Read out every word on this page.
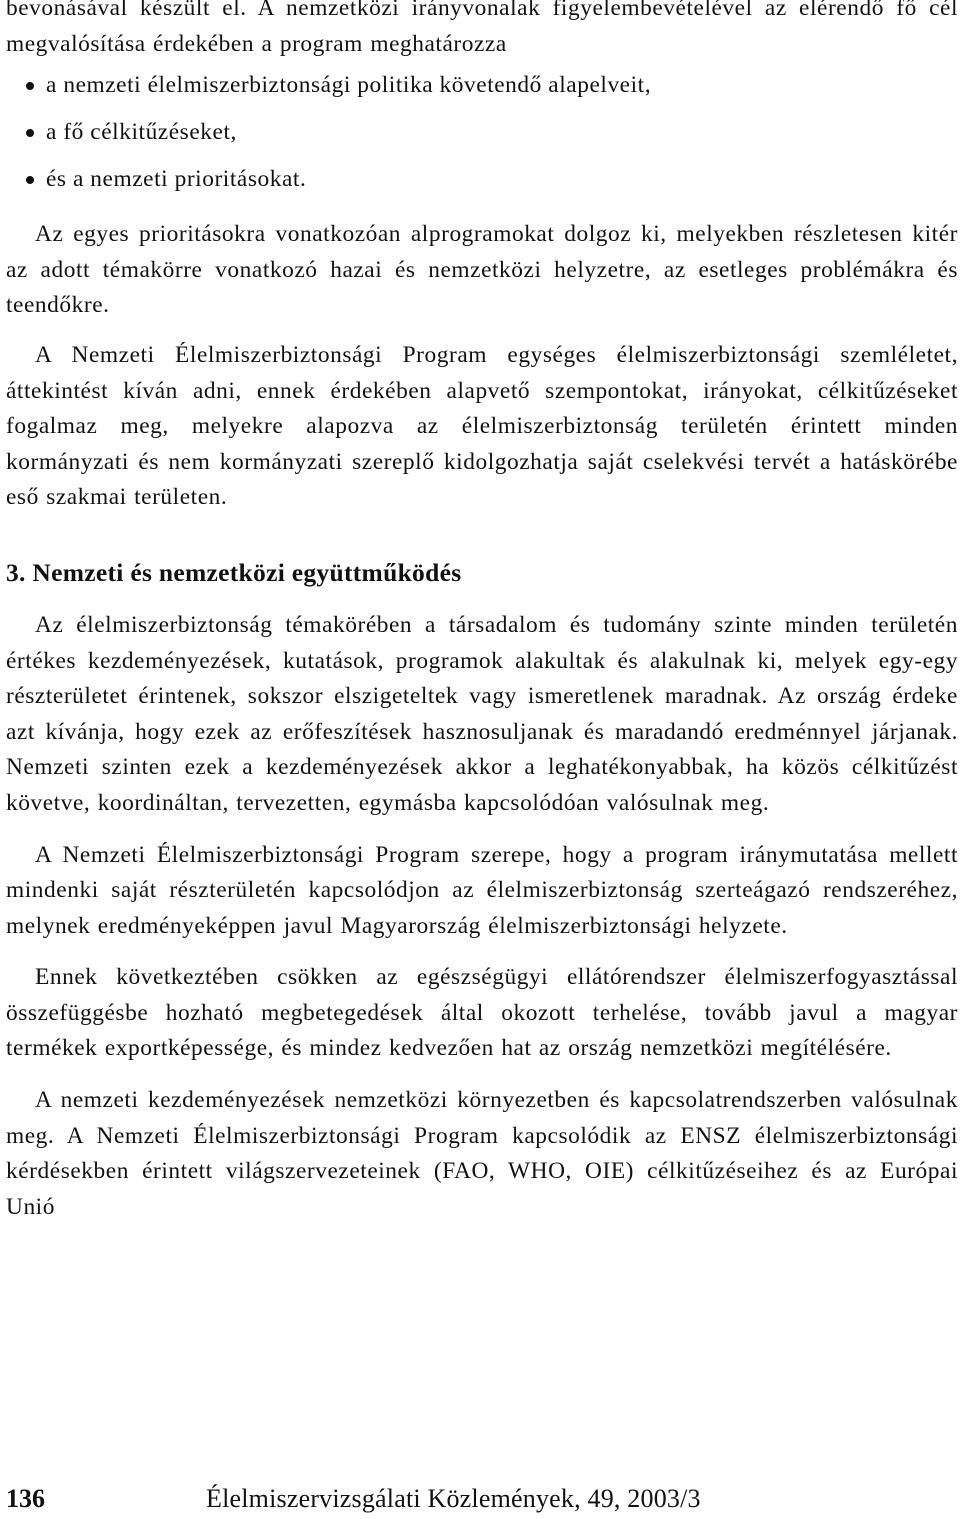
bevonásával készült el. A nemzetközi irányvonalak figyelembevételével az elérendő fő cél megvalósítása érdekében a program meghatározza

a nemzeti élelmiszerbiztonsági politika követendő alapelveit,
a fő célkitűzéseket,
és a nemzeti prioritásokat.

Az egyes prioritásokra vonatkozóan alprogramokat dolgoz ki, melyekben részletesen kitér az adott témakörre vonatkozó hazai és nemzetközi helyzetre, az esetleges problémákra és teendőkre.

A Nemzeti Élelmiszerbiztonsági Program egységes élelmiszerbiztonsági szemléletet, áttekintést kíván adni, ennek érdekében alapvető szempontokat, irányokat, célkitűzéseket fogalmaz meg, melyekre alapozva az élelmiszerbiztonság területén érintett minden kormányzati és nem kormányzati szereplő kidolgozhatja saját cselekvési tervét a hatáskörébe eső szakmai területen.

3. Nemzeti és nemzetközi együttműködés

Az élelmiszerbiztonság témakörében a társadalom és tudomány szinte minden területén értékes kezdeményezések, kutatások, programok alakultak és alakulnak ki, melyek egy-egy részterületet érintenek, sokszor elszigeteltek vagy ismeretlenek maradnak. Az ország érdeke azt kívánja, hogy ezek az erőfeszítések hasznosuljanak és maradandó eredménnyel járjanak. Nemzeti szinten ezek a kezdeményezések akkor a leghatékonyabbak, ha közös célkitűzést követve, koordináltan, tervezetten, egymásba kapcsolódóan valósulnak meg.

A Nemzeti Élelmiszerbiztonsági Program szerepe, hogy a program iránymutatása mellett mindenki saját részterületén kapcsolódjon az élelmiszerbiztonság szerteágazó rendszeréhez, melynek eredményeképpen javul Magyarország élelmiszerbiztonsági helyzete.

Ennek következtében csökken az egészségügyi ellátórendszer élelmiszerfogyasztással összefüggésbe hozható megbetegedések által okozott terhelése, tovább javul a magyar termékek exportképessége, és mindez kedvezően hat az ország nemzetközi megítélésére.

A nemzeti kezdeményezések nemzetközi környezetben és kapcsolatrendszerben valósulnak meg. A Nemzeti Élelmiszerbiztonsági Program kapcsolódik az ENSZ élelmiszerbiztonsági kérdésekben érintett világszervezeteinek (FAO, WHO, OIE) célkitűzéseihez és az Európai Unió

136	Élelmiszervizsgálati Közlemények, 49, 2003/3
